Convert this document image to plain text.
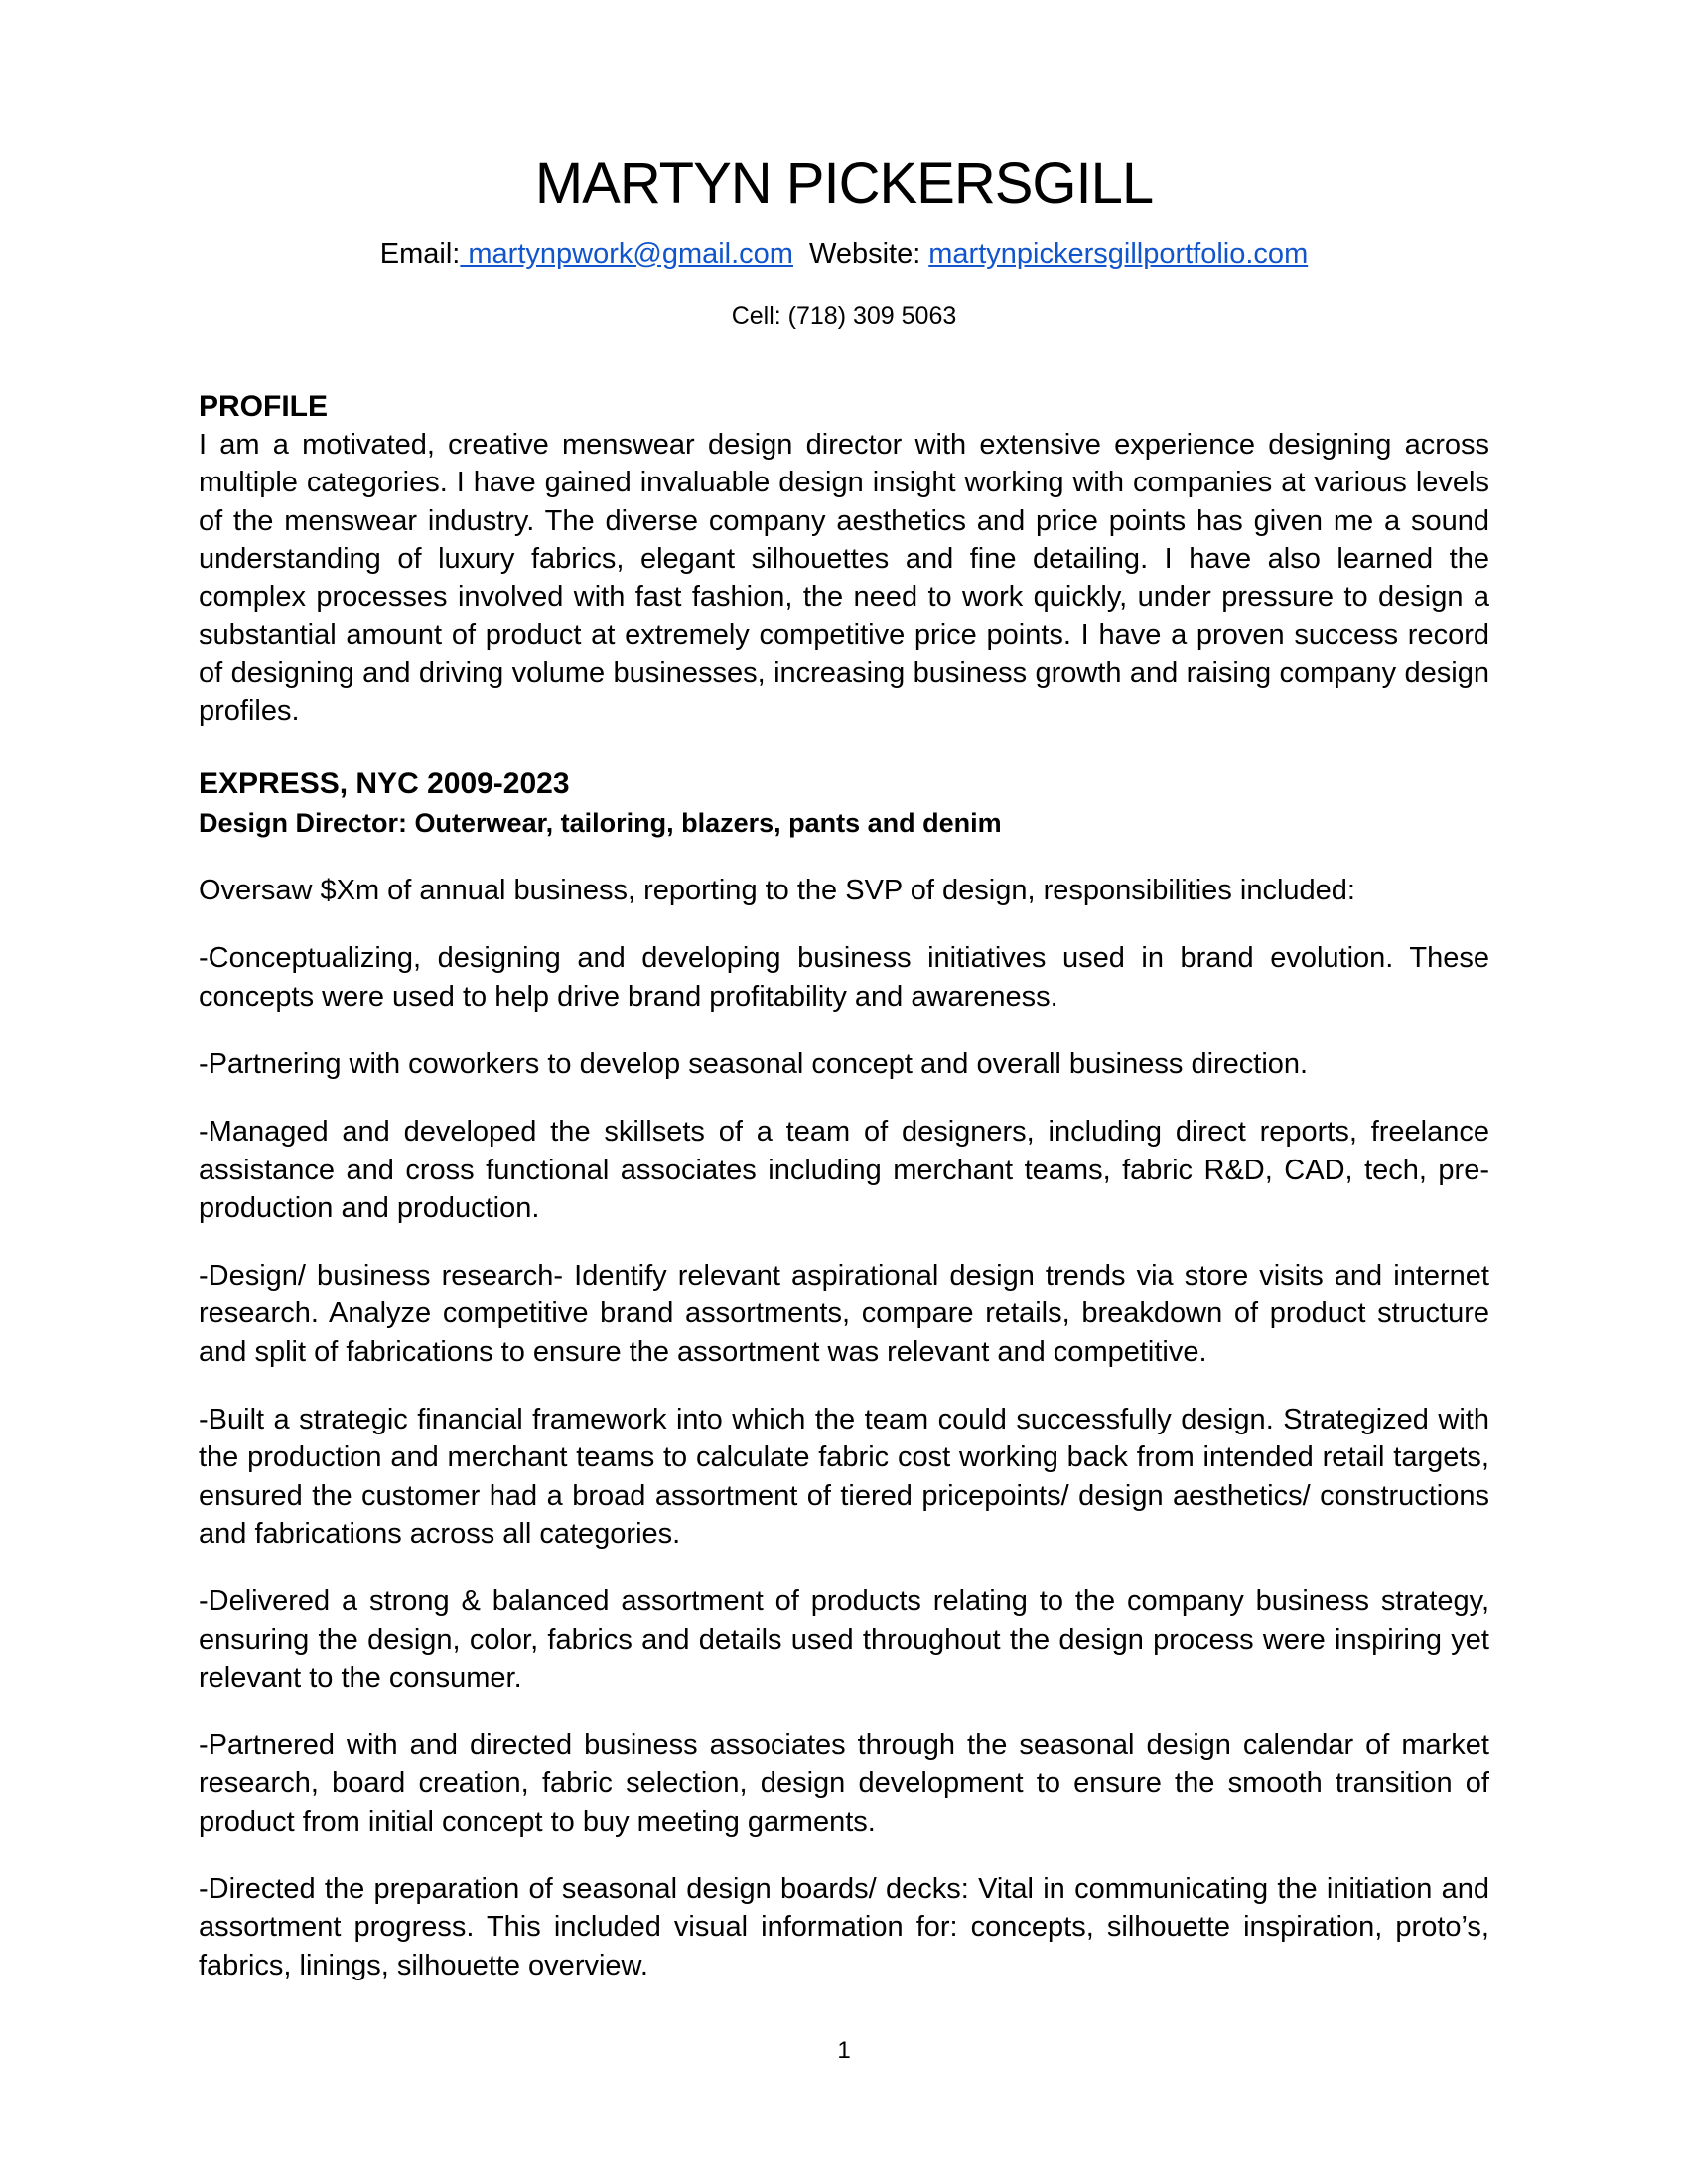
MARTYN PICKERSGILL

Email: martynpwork@gmail.com Website: martynpickersgillportfolio.com

Cell: (718) 309 5063

PROFILE

I am a motivated, creative menswear design director with extensive experience designing across multiple categories. I have gained invaluable design insight working with companies at various levels of the menswear industry. The diverse company aesthetics and price points has given me a sound understanding of luxury fabrics, elegant silhouettes and fine detailing. I have also learned the complex processes involved with fast fashion, the need to work quickly, under pressure to design a substantial amount of product at extremely competitive price points. I have a proven success record of designing and driving volume businesses, increasing business growth and raising company design profiles.

EXPRESS, NYC 2009-2023
Design Director: Outerwear, tailoring, blazers, pants and denim

Oversaw $Xm of annual business, reporting to the SVP of design, responsibilities included:

-Conceptualizing, designing and developing business initiatives used in brand evolution. These concepts were used to help drive brand profitability and awareness.

-Partnering with coworkers to develop seasonal concept and overall business direction.

-Managed and developed the skillsets of a team of designers, including direct reports, freelance assistance and cross functional associates including merchant teams, fabric R&D, CAD, tech, pre-production and production.

-Design/ business research- Identify relevant aspirational design trends via store visits and internet research. Analyze competitive brand assortments, compare retails, breakdown of product structure and split of fabrications to ensure the assortment was relevant and competitive.

-Built a strategic financial framework into which the team could successfully design. Strategized with the production and merchant teams to calculate fabric cost working back from intended retail targets, ensured the customer had a broad assortment of tiered pricepoints/ design aesthetics/ constructions and fabrications across all categories.

-Delivered a strong & balanced assortment of products relating to the company business strategy, ensuring the design, color, fabrics and details used throughout the design process were inspiring yet relevant to the consumer.

-Partnered with and directed business associates through the seasonal design calendar of market research, board creation, fabric selection, design development to ensure the smooth transition of product from initial concept to buy meeting garments.

-Directed the preparation of seasonal design boards/ decks: Vital in communicating the initiation and assortment progress. This included visual information for: concepts, silhouette inspiration, proto’s, fabrics, linings, silhouette overview.

1
